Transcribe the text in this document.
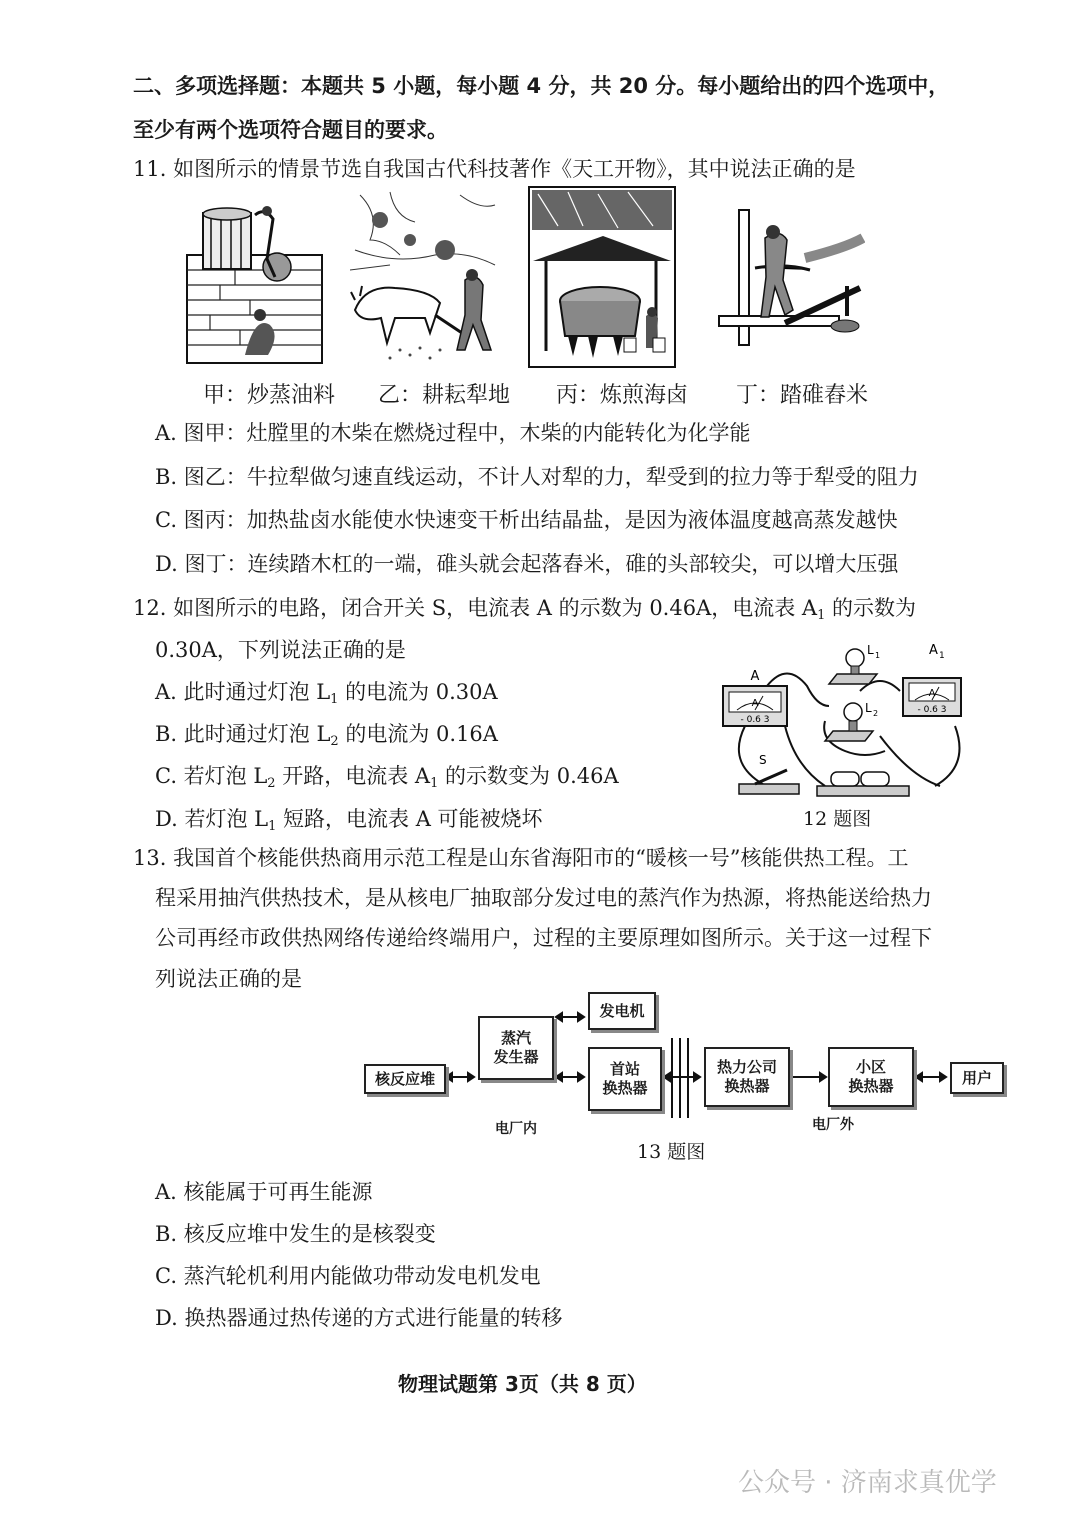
二、多项选择题：本题共 5 小题，每小题 4 分，共 20 分。每小题给出的四个选项中，
至少有两个选项符合题目的要求。
11. 如图所示的情景节选自我国古代科技著作《天工开物》，其中说法正确的是
甲：炒蒸油料 乙：耕耘犁地 丙：炼煎海卤 丁：踏碓舂米
A. 图甲：灶膛里的木柴在燃烧过程中，木柴的内能转化为化学能
B. 图乙：牛拉犁做匀速直线运动，不计人对犁的力，犁受到的拉力等于犁受的阻力
C. 图丙：加热盐卤水能使水快速变干析出结晶盐，是因为液体温度越高蒸发越快
D. 图丁：连续踏木杠的一端，碓头就会起落舂米，碓的头部较尖，可以增大压强
12. 如图所示的电路，闭合开关 S，电流表 A 的示数为 0.46A，电流表 $A_1$ 的示数为
0.30A，下列说法正确的是
A. 此时通过灯泡 $L_1$ 的电流为 0.30A
B. 此时通过灯泡 $L_2$ 的电流为 0.16A
C. 若灯泡 $L_2$ 开路，电流表 $A_1$ 的示数变为 0.46A
D. 若灯泡 $L_1$ 短路，电流表 A 可能被烧坏
A
A
- 0.6 3
A 1
A
- 0.6 3
L 1
L 2
S
12 题图
13. 我国首个核能供热商用示范工程是山东省海阳市的“暖核一号”核能供热工程。工
程采用抽汽供热技术，是从核电厂抽取部分发过电的蒸汽作为热源，将热能送给热力
公司再经市政供热网络传递给终端用户，过程的主要原理如图所示。关于这一过程下
列说法正确的是
核反应堆
蒸汽
发生器
发电机
首站
换热器
热力公司
换热器
小区
换热器	用户
电厂内	电厂外
13 题图
A. 核能属于可再生能源
B. 核反应堆中发生的是核裂变
C. 蒸汽轮机利用内能做功带动发电机发电
D. 换热器通过热传递的方式进行能量的转移
物理试题第 3页（共 8 页）
公众号 · 济南求真优学
